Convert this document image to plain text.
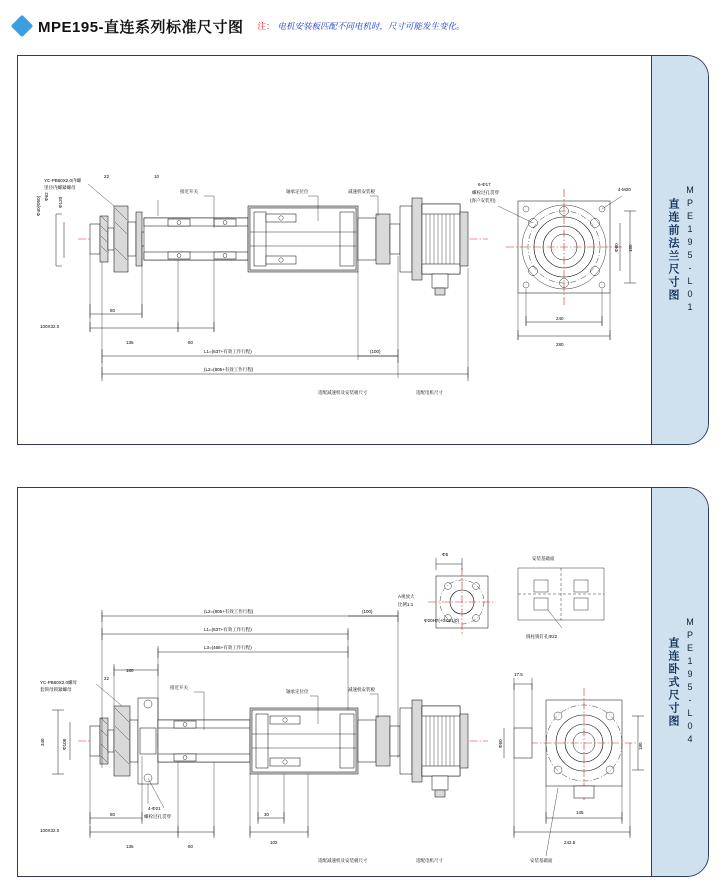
MPE195-直连系列标准尺寸图 注： 电机安装板匹配不同电机时，尺寸可能发生变化。
YC-PB60X2.0内螺
里径内螺紧螺母
22	10
Φ62
Φ120
Φ40(Φ50)
100X32.0
80
135	60
接近开关	轴承定位位	减速机安装板
L1=(637+有效工作行程)
(L2=(805+有效工作行程)
(100)
适配减速机及安装板尺寸	适配电机尺寸
6-Φ17
螺栓过孔贯穿
(客户安装用)
4-M20
Φ80 180
240
280
直连前法兰尺寸图 MPE195-L01
YC-PB60X2.0螺母
套锁母锁紧螺母
22
340	Φ108
100X32.0
80
135	60
4-Φ21
螺栓过孔贯穿
180
30
102
(L2=(805+有效工作行程)
L1=(637+有效工作行程)
L3=(466+有效工作行程)
(100)
接近开关
轴承定位位	减速机安装板
适配减速机及安装板尺寸	适配电机尺寸
Φ5
A视放大
比例1:1
Φ20H7(+0.021/0)
安装基础面
圆柱销钉孔Φ22
17.5
Φ60	180
145
242.5
安装基础面
直连卧式尺寸图 MPE195-L04
